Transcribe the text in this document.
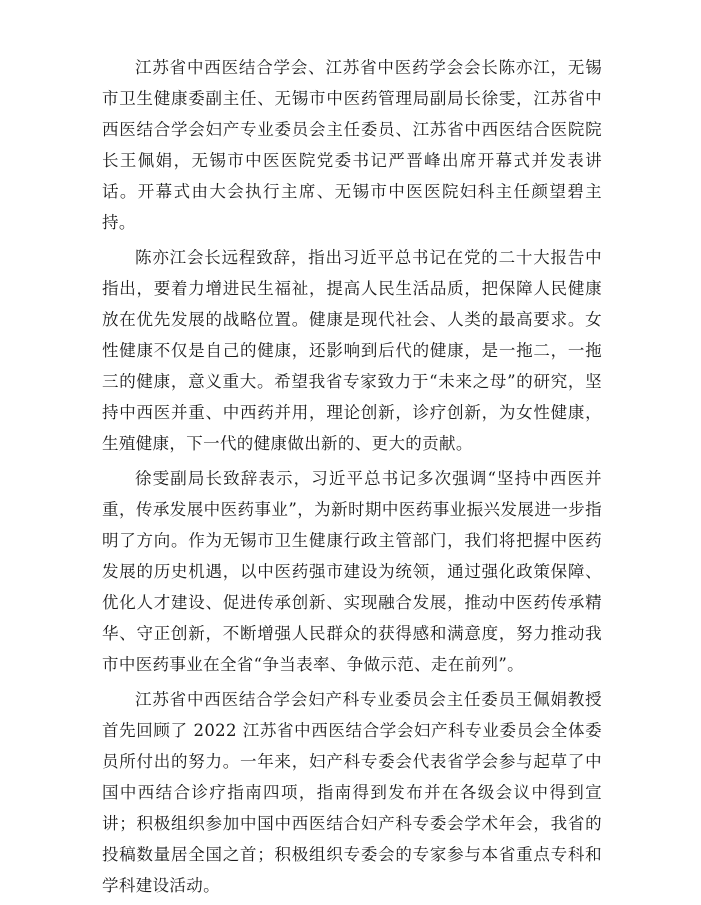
江苏省中西医结合学会、江苏省中医药学会会长陈亦江，无锡市卫生健康委副主任、无锡市中医药管理局副局长徐雯，江苏省中西医结合学会妇产专业委员会主任委员、江苏省中西医结合医院院长王佩娟，无锡市中医医院党委书记严晋峰出席开幕式并发表讲话。开幕式由大会执行主席、无锡市中医医院妇科主任颜望碧主持。

陈亦江会长远程致辞，指出习近平总书记在党的二十大报告中指出，要着力增进民生福祉，提高人民生活品质，把保障人民健康放在优先发展的战略位置。健康是现代社会、人类的最高要求。女性健康不仅是自己的健康，还影响到后代的健康，是一拖二，一拖三的健康，意义重大。希望我省专家致力于“未来之母”的研究，坚持中西医并重、中西药并用，理论创新，诊疗创新，为女性健康，生殖健康，下一代的健康做出新的、更大的贡献。

徐雯副局长致辞表示，习近平总书记多次强调“坚持中西医并重，传承发展中医药事业”，为新时期中医药事业振兴发展进一步指明了方向。作为无锡市卫生健康行政主管部门，我们将把握中医药发展的历史机遇，以中医药强市建设为统领，通过强化政策保障、优化人才建设、促进传承创新、实现融合发展，推动中医药传承精华、守正创新，不断增强人民群众的获得感和满意度，努力推动我市中医药事业在全省“争当表率、争做示范、走在前列”。

江苏省中西医结合学会妇产科专业委员会主任委员王佩娟教授首先回顾了 2022 江苏省中西医结合学会妇产科专业委员会全体委员所付出的努力。一年来，妇产科专委会代表省学会参与起草了中国中西结合诊疗指南四项，指南得到发布并在各级会议中得到宣讲；积极组织参加中国中西医结合妇产科专委会学术年会，我省的投稿数量居全国之首；积极组织专委会的专家参与本省重点专科和学科建设活动。
